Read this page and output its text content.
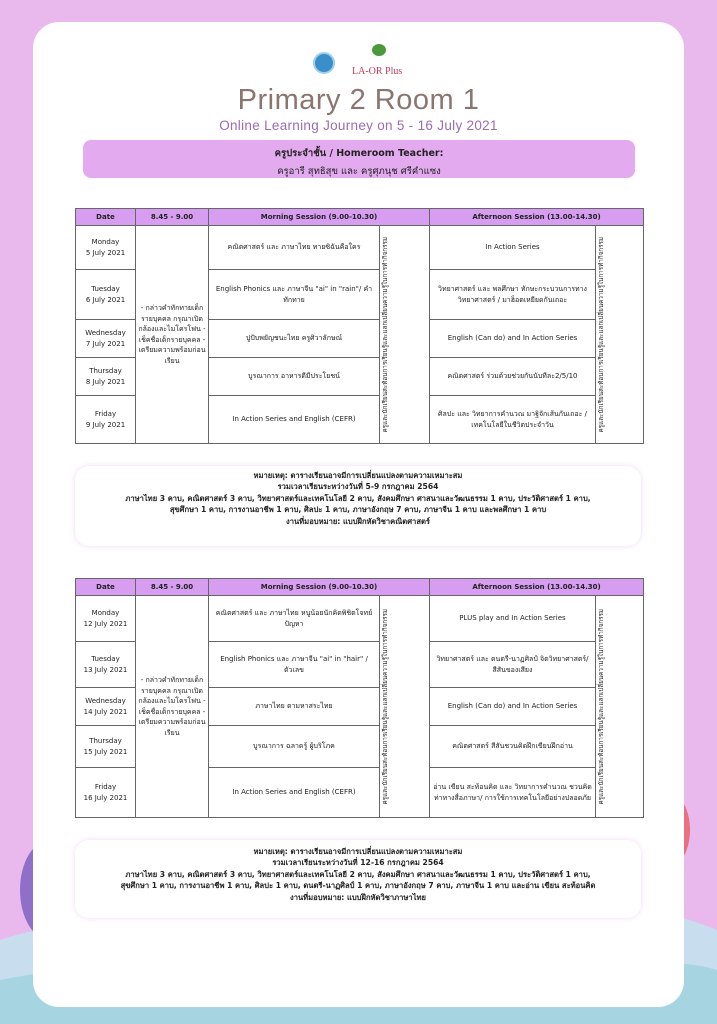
LA-OR Plus
Primary 2 Room 1
Online Learning Journey on 5 - 16 July 2021
ครูประจำชั้น / Homeroom Teacher:
ครูอารี สุทธิสุข และ ครูศุภนุช ศรีคำแซง
Date	8.45 - 9.00	Morning Session (9.00-10.30)		Afternoon Session (13.00-14.30)	

Monday
5 July 2021	- กล่าวคำทักทายเด็กรายบุคคล กรุณาเปิดกล้องและไมโครโฟน - เช็คชื่อเด็กรายบุคคล - เตรียมความพร้อมก่อนเรียน	คณิตศาสตร์ และ ภาษาไทย ทายซิฉันคือใคร	ครูและนักเรียนสะท้อนการเรียนรู้และแลกเปลี่ยนความรู้ในการทำกิจกรรม	In Action Series	ครูและนักเรียนสะท้อนการเรียนรู้และแลกเปลี่ยนความรู้ในการทำกิจกรรม

Tuesday
6 July 2021		English Phonics และ ภาษาจีน "ai" in "rain"/ คำทักทาย		วิทยาศาสตร์ และ พลศึกษา ทักษะกระบวนการทางวิทยาศาสตร์ / มาฮ็อตเหยียดกันเถอะ	

Wednesday
7 July 2021		ปูปับพยัญชนะไทย ครูศิวาลักษณ์		English (Can do) and In Action Series	

Thursday
8 July 2021		บูรณาการ อาหารดีมีประโยชน์		คณิตศาสตร์ ร่วมด้วยช่วยกันนับทีละ2/5/10	

Friday
9 July 2021		In Action Series and English (CEFR)		ศิลปะ และ วิทยาการคำนวณ มาฐิจักเส้นกันเถอะ /เทคโนโลยีในชีวิตประจำวัน	
หมายเหตุ: ตารางเรียนอาจมีการเปลี่ยนแปลงตามความเหมาะสม
รวมเวลาเรียนระหว่างวันที่ 5-9 กรกฎาคม 2564
ภาษาไทย 3 คาบ, คณิตศาสตร์ 3 คาบ, วิทยาศาสตร์และเทคโนโลยี 2 คาบ, สังคมศึกษา ศาสนาและวัฒนธรรม 1 คาบ, ประวัติศาสตร์ 1 คาบ,
สุขศึกษา 1 คาบ, การงานอาชีพ 1 คาบ, ศิลปะ 1 คาบ, ภาษาอังกฤษ 7 คาบ, ภาษาจีน 1 คาบ และพลศึกษา 1 คาบ
งานที่มอบหมาย: แบบฝึกหัดวิชาคณิตศาสตร์
Date	8.45 - 9.00	Morning Session (9.00-10.30)		Afternoon Session (13.00-14.30)	

Monday
12 July 2021	- กล่าวคำทักทายเด็กรายบุคคล กรุณาเปิดกล้องและไมโครโฟน - เช็คชื่อเด็กรายบุคคล - เตรียมความพร้อมก่อนเรียน	คณิตศาสตร์ และ ภาษาไทย หนูน้อยนักคิดพิชิตโจทย์ปัญหา	ครูและนักเรียนสะท้อนการเรียนรู้และแลกเปลี่ยนความรู้ในการทำกิจกรรม	PLUS play and In Action Series	ครูและนักเรียนสะท้อนการเรียนรู้และแลกเปลี่ยนความรู้ในการทำกิจกรรม

Tuesday
13 July 2021		English Phonics และ ภาษาจีน "ai" in "hair" / ตัวเลข		วิทยาศาสตร์ และ ดนตรี-นาฏศิลป์ จิตวิทยาศาสตร์/สีสันของเสียง	

Wednesday
14 July 2021		ภาษาไทย ตามหาสระไทย		English (Can do) and In Action Series	

Thursday
15 July 2021		บูรณาการ ฉลาดรู้ ผู้บริโภค		คณิตศาสตร์ สีสันชวนคิดฝึกเขียนฝึกอ่าน	

Friday
16 July 2021		In Action Series and English (CEFR)		อ่าน เขียน สะท้อนคิด และ วิทยาการคำนวณ ชวนคิดท่าทางสื่อภาษา/ การใช้การเทคโนโลยีอย่างปลอดภัย	
หมายเหตุ: ตารางเรียนอาจมีการเปลี่ยนแปลงตามความเหมาะสม
รวมเวลาเรียนระหว่างวันที่ 12-16 กรกฎาคม 2564
ภาษาไทย 3 คาบ, คณิตศาสตร์ 3 คาบ, วิทยาศาสตร์และเทคโนโลยี 2 คาบ, สังคมศึกษา ศาสนาและวัฒนธรรม 1 คาบ, ประวัติศาสตร์ 1 คาบ,
สุขศึกษา 1 คาบ, การงานอาชีพ 1 คาบ, ศิลปะ 1 คาบ, ดนตรี-นาฏศิลป์ 1 คาบ, ภาษาอังกฤษ 7 คาบ, ภาษาจีน 1 คาบ และอ่าน เขียน สะท้อนคิด
งานที่มอบหมาย: แบบฝึกหัดวิชาภาษาไทย
